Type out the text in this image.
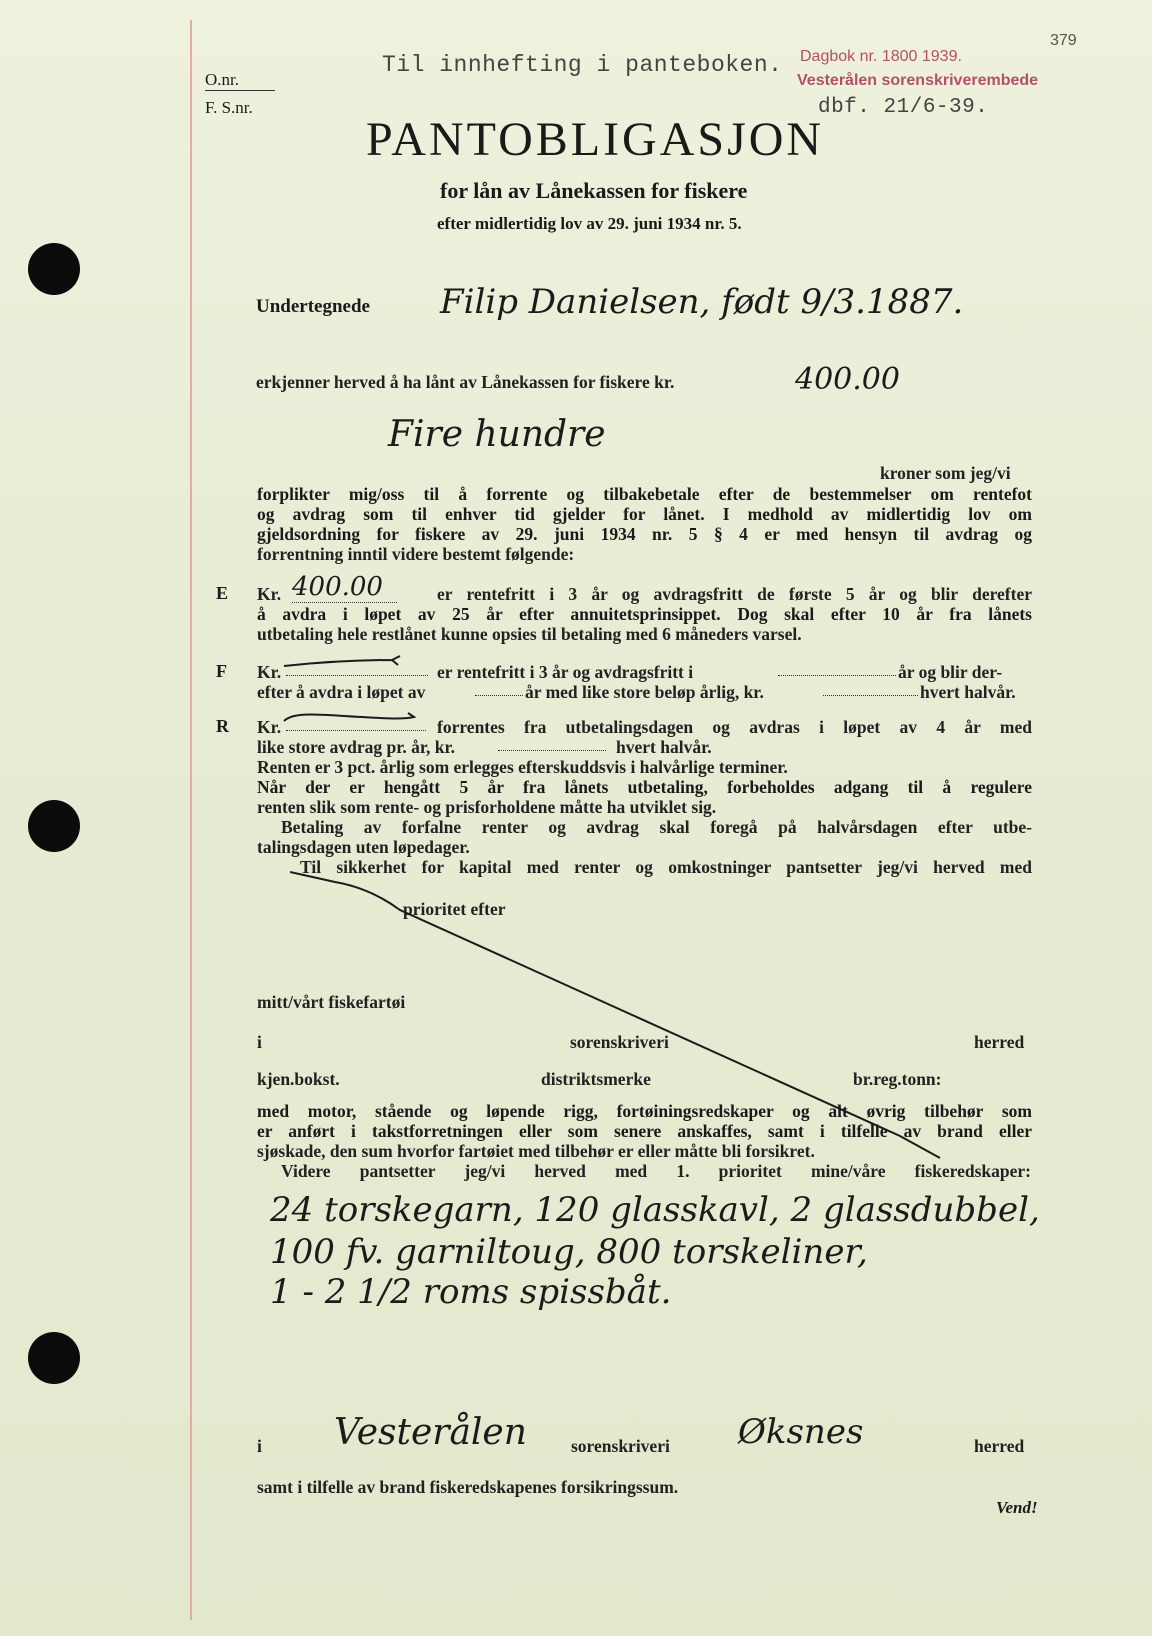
O.nr.
F. S.nr.
Til innhefting i panteboken. Dagbok nr. 1800 1939.
Vesterålen sorenskriverembede
dbf. 21/6-39.
379
PANTOBLIGASJON
for lån av Lånekassen for fiskere
efter midlertidig lov av 29. juni 1934 nr. 5.
Undertegnede Filip Danielsen, født 9/3.1887.
erkjenner herved å ha lånt av Lånekassen for fiskere kr.	400.00
Fire hundre
kroner som jeg/vi
forplikter mig/oss til å forrente og tilbakebetale efter de bestemmelser om rentefot
og avdrag som til enhver tid gjelder for lånet. I medhold av midlertidig lov om
gjeldsordning for fiskere av 29. juni 1934 nr. 5 § 4 er med hensyn til avdrag og
forrentning inntil videre bestemt følgende:
E Kr. 400.00	er rentefritt i 3 år og avdragsfritt de første 5 år og blir derefter
å avdra i løpet av 25 år efter annuitetsprinsippet. Dog skal efter 10 år fra lånets
utbetaling hele restlånet kunne opsies til betaling med 6 måneders varsel.
F Kr.	er rentefritt i 3 år og avdragsfritt i	år og blir der-
efter å avdra i løpet av	år med like store beløp årlig, kr.	hvert halvår.
R Kr.	forrentes fra utbetalingsdagen og avdras i løpet av 4 år med
like store avdrag pr. år, kr.	hvert halvår.
Renten er 3 pct. årlig som erlegges efterskuddsvis i halvårlige terminer.
Når der er hengått 5 år fra lånets utbetaling, forbeholdes adgang til å regulere
renten slik som rente- og prisforholdene måtte ha utviklet sig.
Betaling av forfalne renter og avdrag skal foregå på halvårsdagen efter utbe-
talingsdagen uten løpedager.
Til sikkerhet for kapital med renter og omkostninger pantsetter jeg/vi herved med
prioritet efter
mitt/vårt fiskefartøi
i	sorenskriveri	herred
kjen.bokst.	distriktsmerke	br.reg.tonn:
med motor, stående og løpende rigg, fortøiningsredskaper og alt øvrig tilbehør som
er anført i takstforretningen eller som senere anskaffes, samt i tilfelle av brand eller
sjøskade, den sum hvorfor fartøiet med tilbehør er eller måtte bli forsikret.
Videre pantsetter jeg/vi herved med 1. prioritet mine/våre fiskeredskaper:
24 torskegarn, 120 glasskavl, 2 glassdubbel,
100 fv. garniltoug, 800 torskeliner,
1 - 2 1/2 roms spissbåt.
i Vesterålen	sorenskriveri Øksnes	herred
samt i tilfelle av brand fiskeredskapenes forsikringssum.
Vend!
